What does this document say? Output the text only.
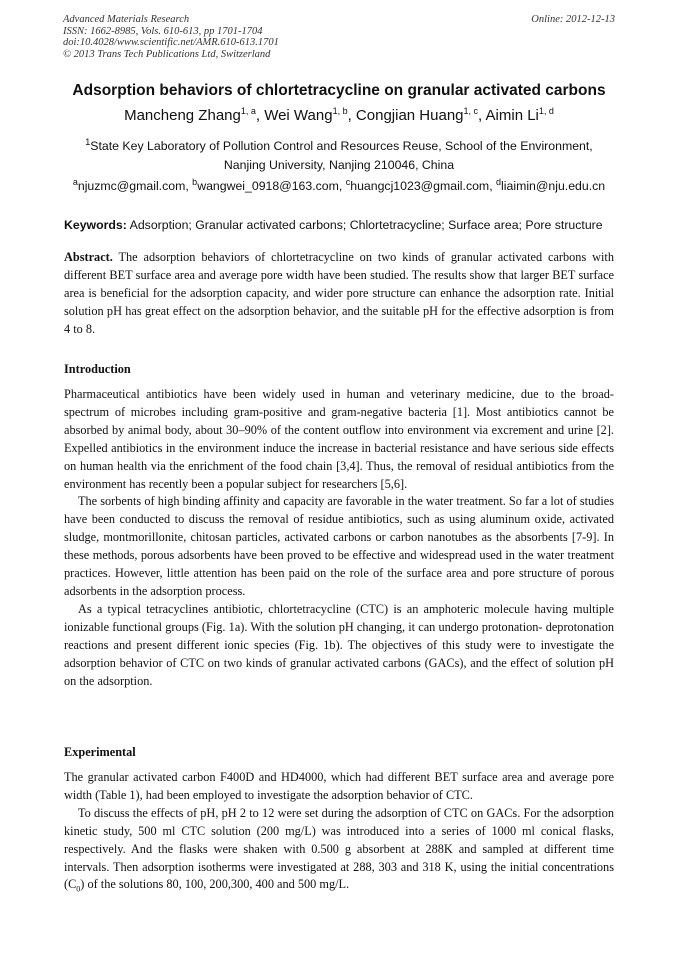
Advanced Materials Research
ISSN: 1662-8985, Vols. 610-613, pp 1701-1704
doi:10.4028/www.scientific.net/AMR.610-613.1701
© 2013 Trans Tech Publications Ltd, Switzerland
Online: 2012-12-13
Adsorption behaviors of chlortetracycline on granular activated carbons
Mancheng Zhang$^{1, a}$, Wei Wang$^{1, b}$, Congjian Huang$^{1, c}$, Aimin Li$^{1, d}$
$^1$State Key Laboratory of Pollution Control and Resources Reuse, School of the Environment,
Nanjing University, Nanjing 210046, China
$^a$njuzmc@gmail.com, $^b$wangwei_0918@163.com, $^c$huangcj1023@gmail.com, $^d$liaimin@nju.edu.cn
Keywords: Adsorption; Granular activated carbons; Chlortetracycline; Surface area; Pore structure

Abstract. The adsorption behaviors of chlortetracycline on two kinds of granular activated carbons with different BET surface area and average pore width have been studied. The results show that larger BET surface area is beneficial for the adsorption capacity, and wider pore structure can enhance the adsorption rate. Initial solution pH has great effect on the adsorption behavior, and the suitable pH for the effective adsorption is from 4 to 8.

Introduction

Pharmaceutical antibiotics have been widely used in human and veterinary medicine, due to the broad-spectrum of microbes including gram-positive and gram-negative bacteria [1]. Most antibiotics cannot be absorbed by animal body, about 30–90% of the content outflow into environment via excrement and urine [2]. Expelled antibiotics in the environment induce the increase in bacterial resistance and have serious side effects on human health via the enrichment of the food chain [3,4]. Thus, the removal of residual antibiotics from the environment has recently been a popular subject for researchers [5,6].

The sorbents of high binding affinity and capacity are favorable in the water treatment. So far a lot of studies have been conducted to discuss the removal of residue antibiotics, such as using aluminum oxide, activated sludge, montmorillonite, chitosan particles, activated carbons or carbon nanotubes as the absorbents [7-9]. In these methods, porous adsorbents have been proved to be effective and widespread used in the water treatment practices. However, little attention has been paid on the role of the surface area and pore structure of porous adsorbents in the adsorption process.

As a typical tetracyclines antibiotic, chlortetracycline (CTC) is an amphoteric molecule having multiple ionizable functional groups (Fig. 1a). With the solution pH changing, it can undergo protonation- deprotonation reactions and present different ionic species (Fig. 1b). The objectives of this study were to investigate the adsorption behavior of CTC on two kinds of granular activated carbons (GACs), and the effect of solution pH on the adsorption.

Experimental

The granular activated carbon F400D and HD4000, which had different BET surface area and average pore width (Table 1), had been employed to investigate the adsorption behavior of CTC.

To discuss the effects of pH, pH 2 to 12 were set during the adsorption of CTC on GACs. For the adsorption kinetic study, 500 ml CTC solution (200 mg/L) was introduced into a series of 1000 ml conical flasks, respectively. And the flasks were shaken with 0.500 g absorbent at 288K and sampled at different time intervals. Then adsorption isotherms were investigated at 288, 303 and 318 K, using the initial concentrations $(C_0)$ of the solutions 80, 100, 200,300, 400 and 500 mg/L.
